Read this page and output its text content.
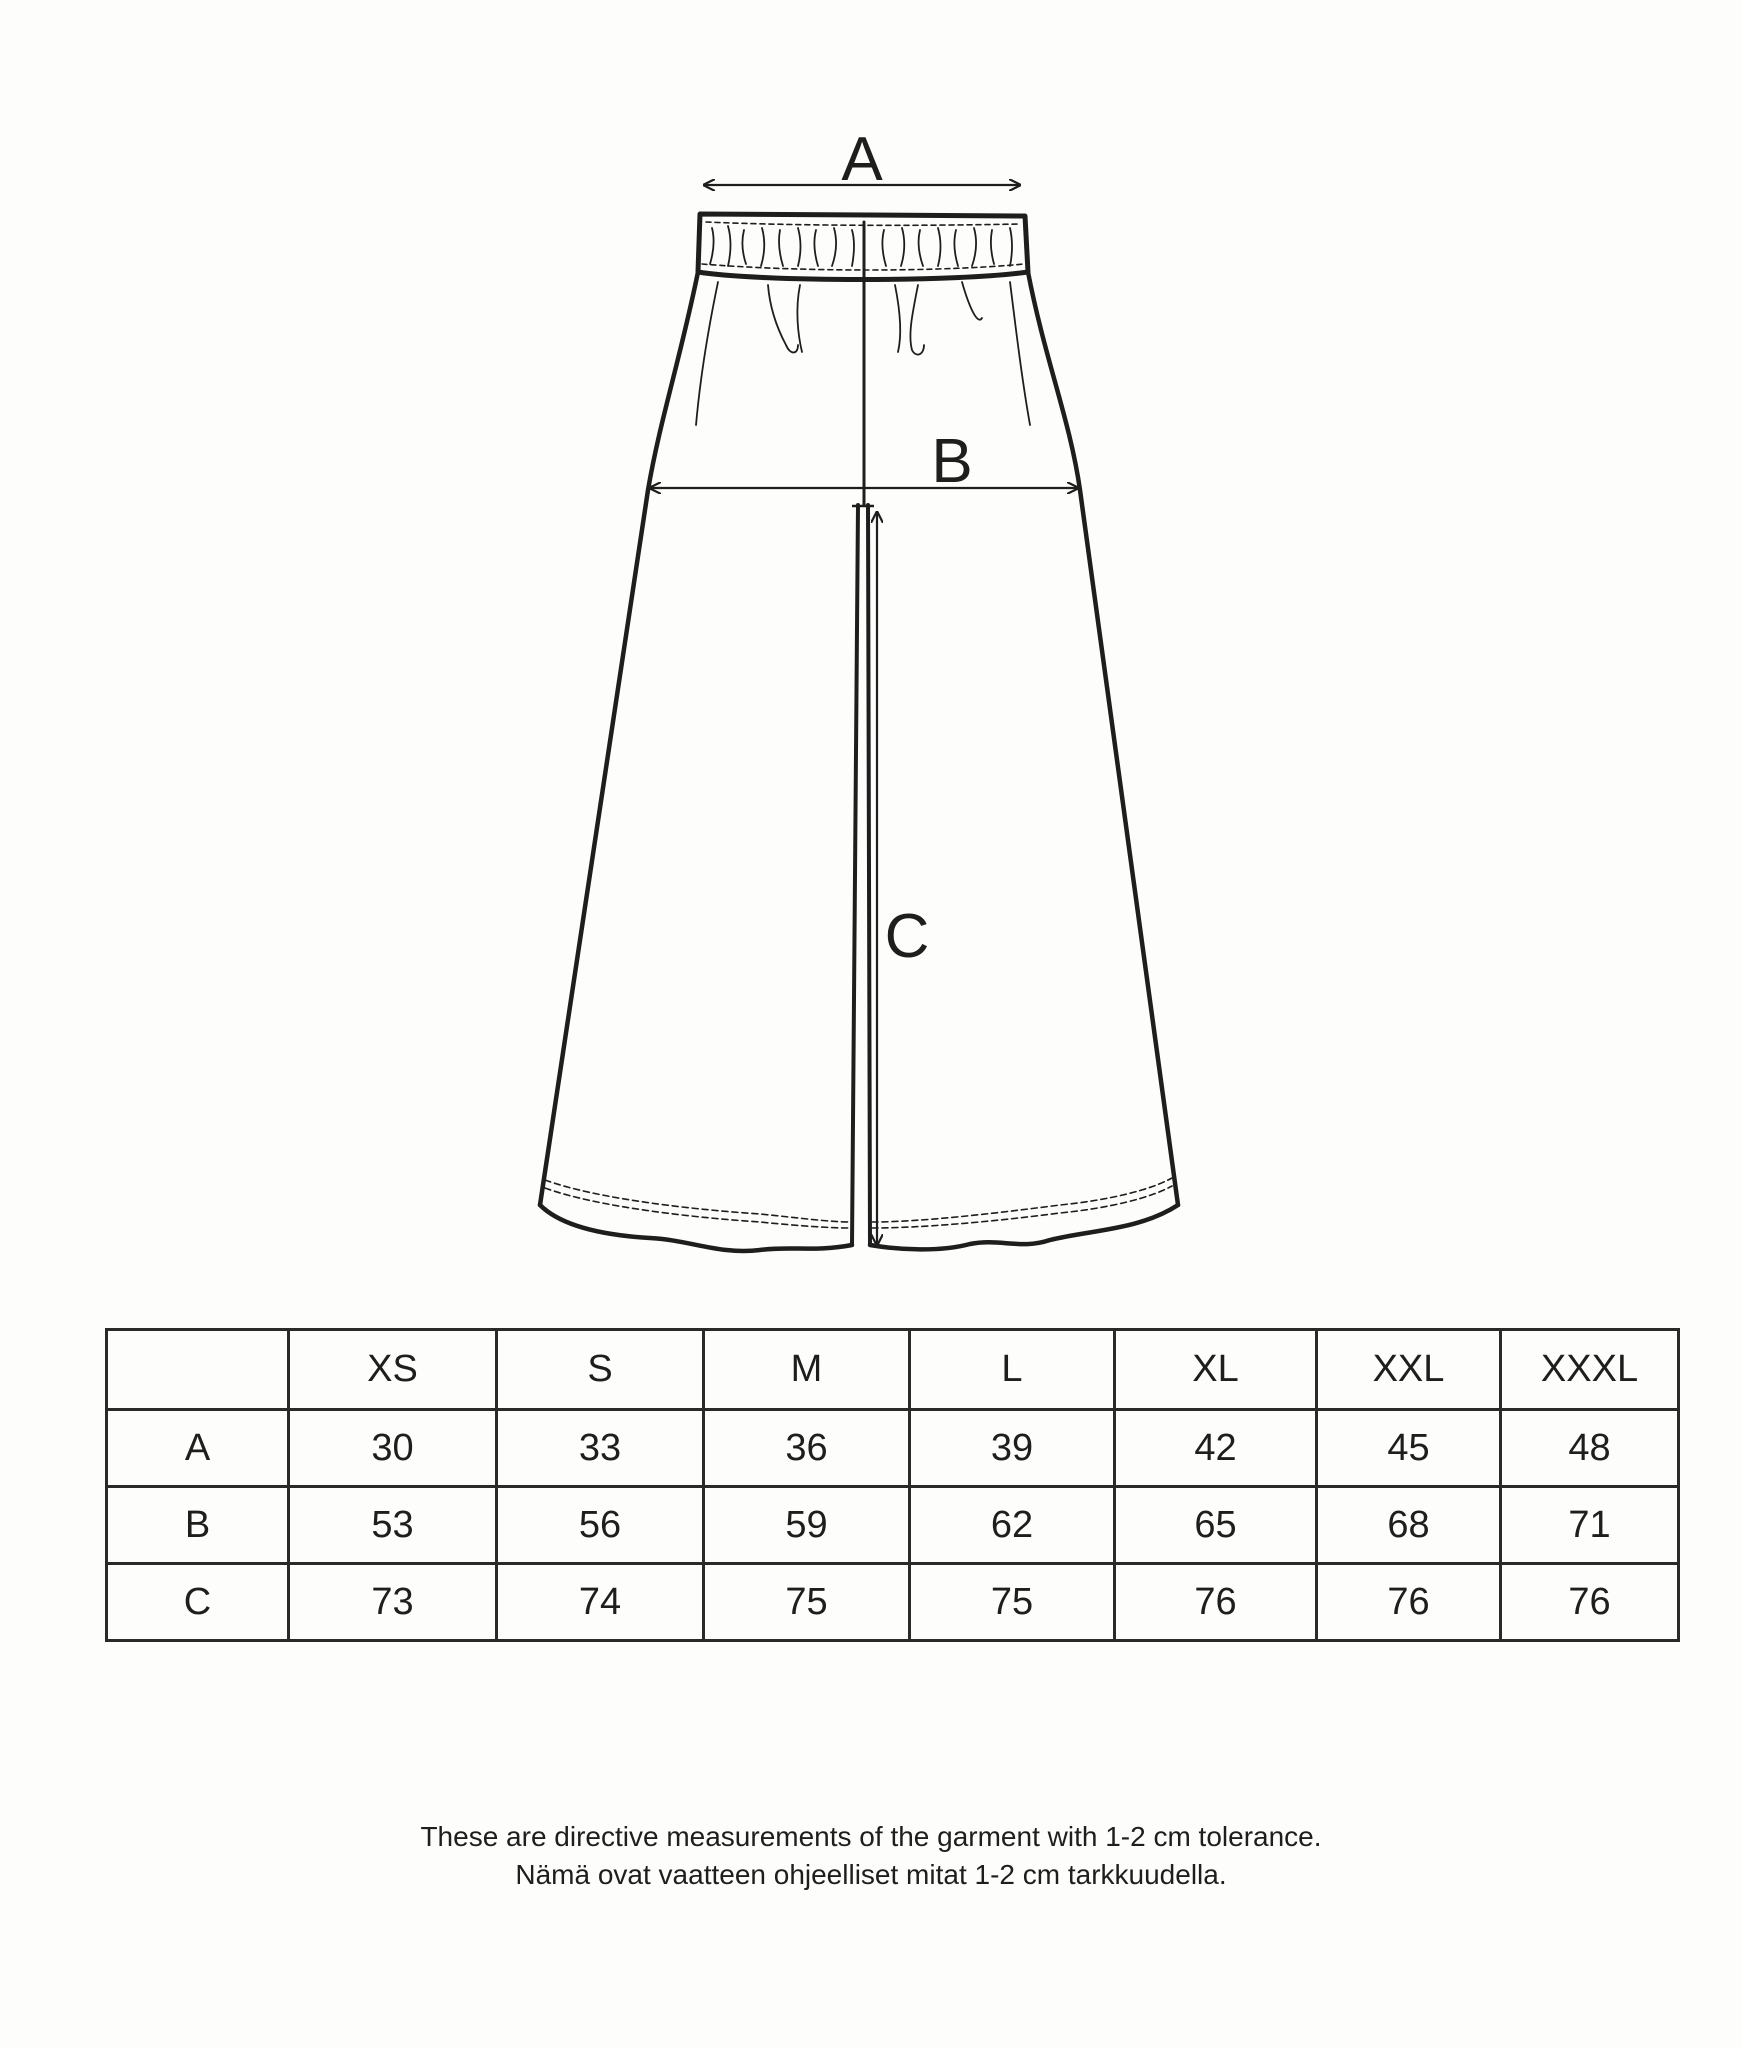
A
B
C
	XS	S	M	L	XL	XXL	XXXL
A	30	33	36	39	42	45	48
B	53	56	59	62	65	68	71
C	73	74	75	75	76	76	76
These are directive measurements of the garment with 1-2 cm tolerance.
Nämä ovat vaatteen ohjeelliset mitat 1-2 cm tarkkuudella.
